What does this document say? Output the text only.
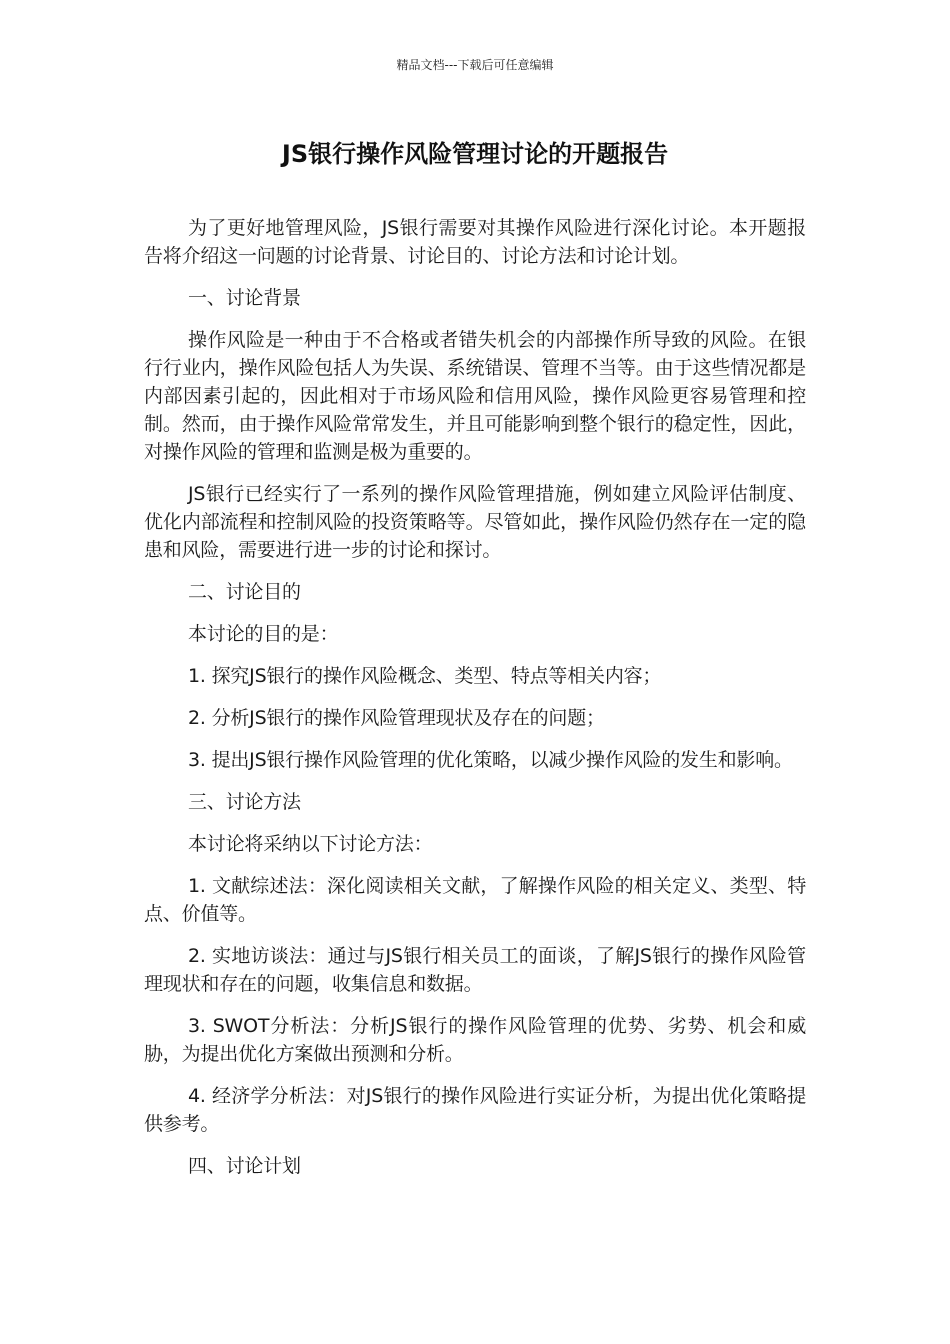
精品文档---下载后可任意编辑
JS银行操作风险管理讨论的开题报告

为了更好地管理风险，JS银行需要对其操作风险进行深化讨论。本开题报告将介绍这一问题的讨论背景、讨论目的、讨论方法和讨论计划。

一、讨论背景

操作风险是一种由于不合格或者错失机会的内部操作所导致的风险。在银行行业内，操作风险包括人为失误、系统错误、管理不当等。由于这些情况都是内部因素引起的，因此相对于市场风险和信用风险，操作风险更容易管理和控制。然而，由于操作风险常常发生，并且可能影响到整个银行的稳定性，因此，对操作风险的管理和监测是极为重要的。

JS银行已经实行了一系列的操作风险管理措施，例如建立风险评估制度、优化内部流程和控制风险的投资策略等。尽管如此，操作风险仍然存在一定的隐患和风险，需要进行进一步的讨论和探讨。

二、讨论目的

本讨论的目的是：

1. 探究JS银行的操作风险概念、类型、特点等相关内容；

2. 分析JS银行的操作风险管理现状及存在的问题；

3. 提出JS银行操作风险管理的优化策略，以减少操作风险的发生和影响。

三、讨论方法

本讨论将采纳以下讨论方法：

1. 文献综述法：深化阅读相关文献，了解操作风险的相关定义、类型、特点、价值等。

2. 实地访谈法：通过与JS银行相关员工的面谈，了解JS银行的操作风险管理现状和存在的问题，收集信息和数据。

3. SWOT分析法：分析JS银行的操作风险管理的优势、劣势、机会和威胁，为提出优化方案做出预测和分析。

4. 经济学分析法：对JS银行的操作风险进行实证分析，为提出优化策略提供参考。

四、讨论计划
